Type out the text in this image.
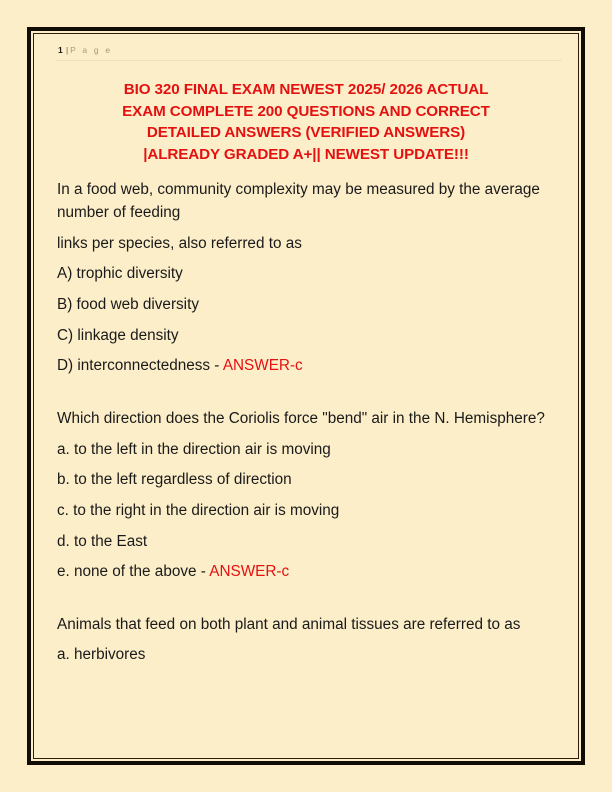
1 | P a g e
BIO 320 FINAL EXAM NEWEST 2025/ 2026 ACTUAL
EXAM COMPLETE 200 QUESTIONS AND CORRECT
DETAILED ANSWERS (VERIFIED ANSWERS)
|ALREADY GRADED A+|| NEWEST UPDATE!!!

In a food web, community complexity may be measured by the average number of feeding

links per species, also referred to as

A) trophic diversity

B) food web diversity

C) linkage density

D) interconnectedness - ANSWER-c

Which direction does the Coriolis force "bend" air in the N. Hemisphere?

a. to the left in the direction air is moving

b. to the left regardless of direction

c. to the right in the direction air is moving

d. to the East

e. none of the above - ANSWER-c

Animals that feed on both plant and animal tissues are referred to as

a. herbivores
